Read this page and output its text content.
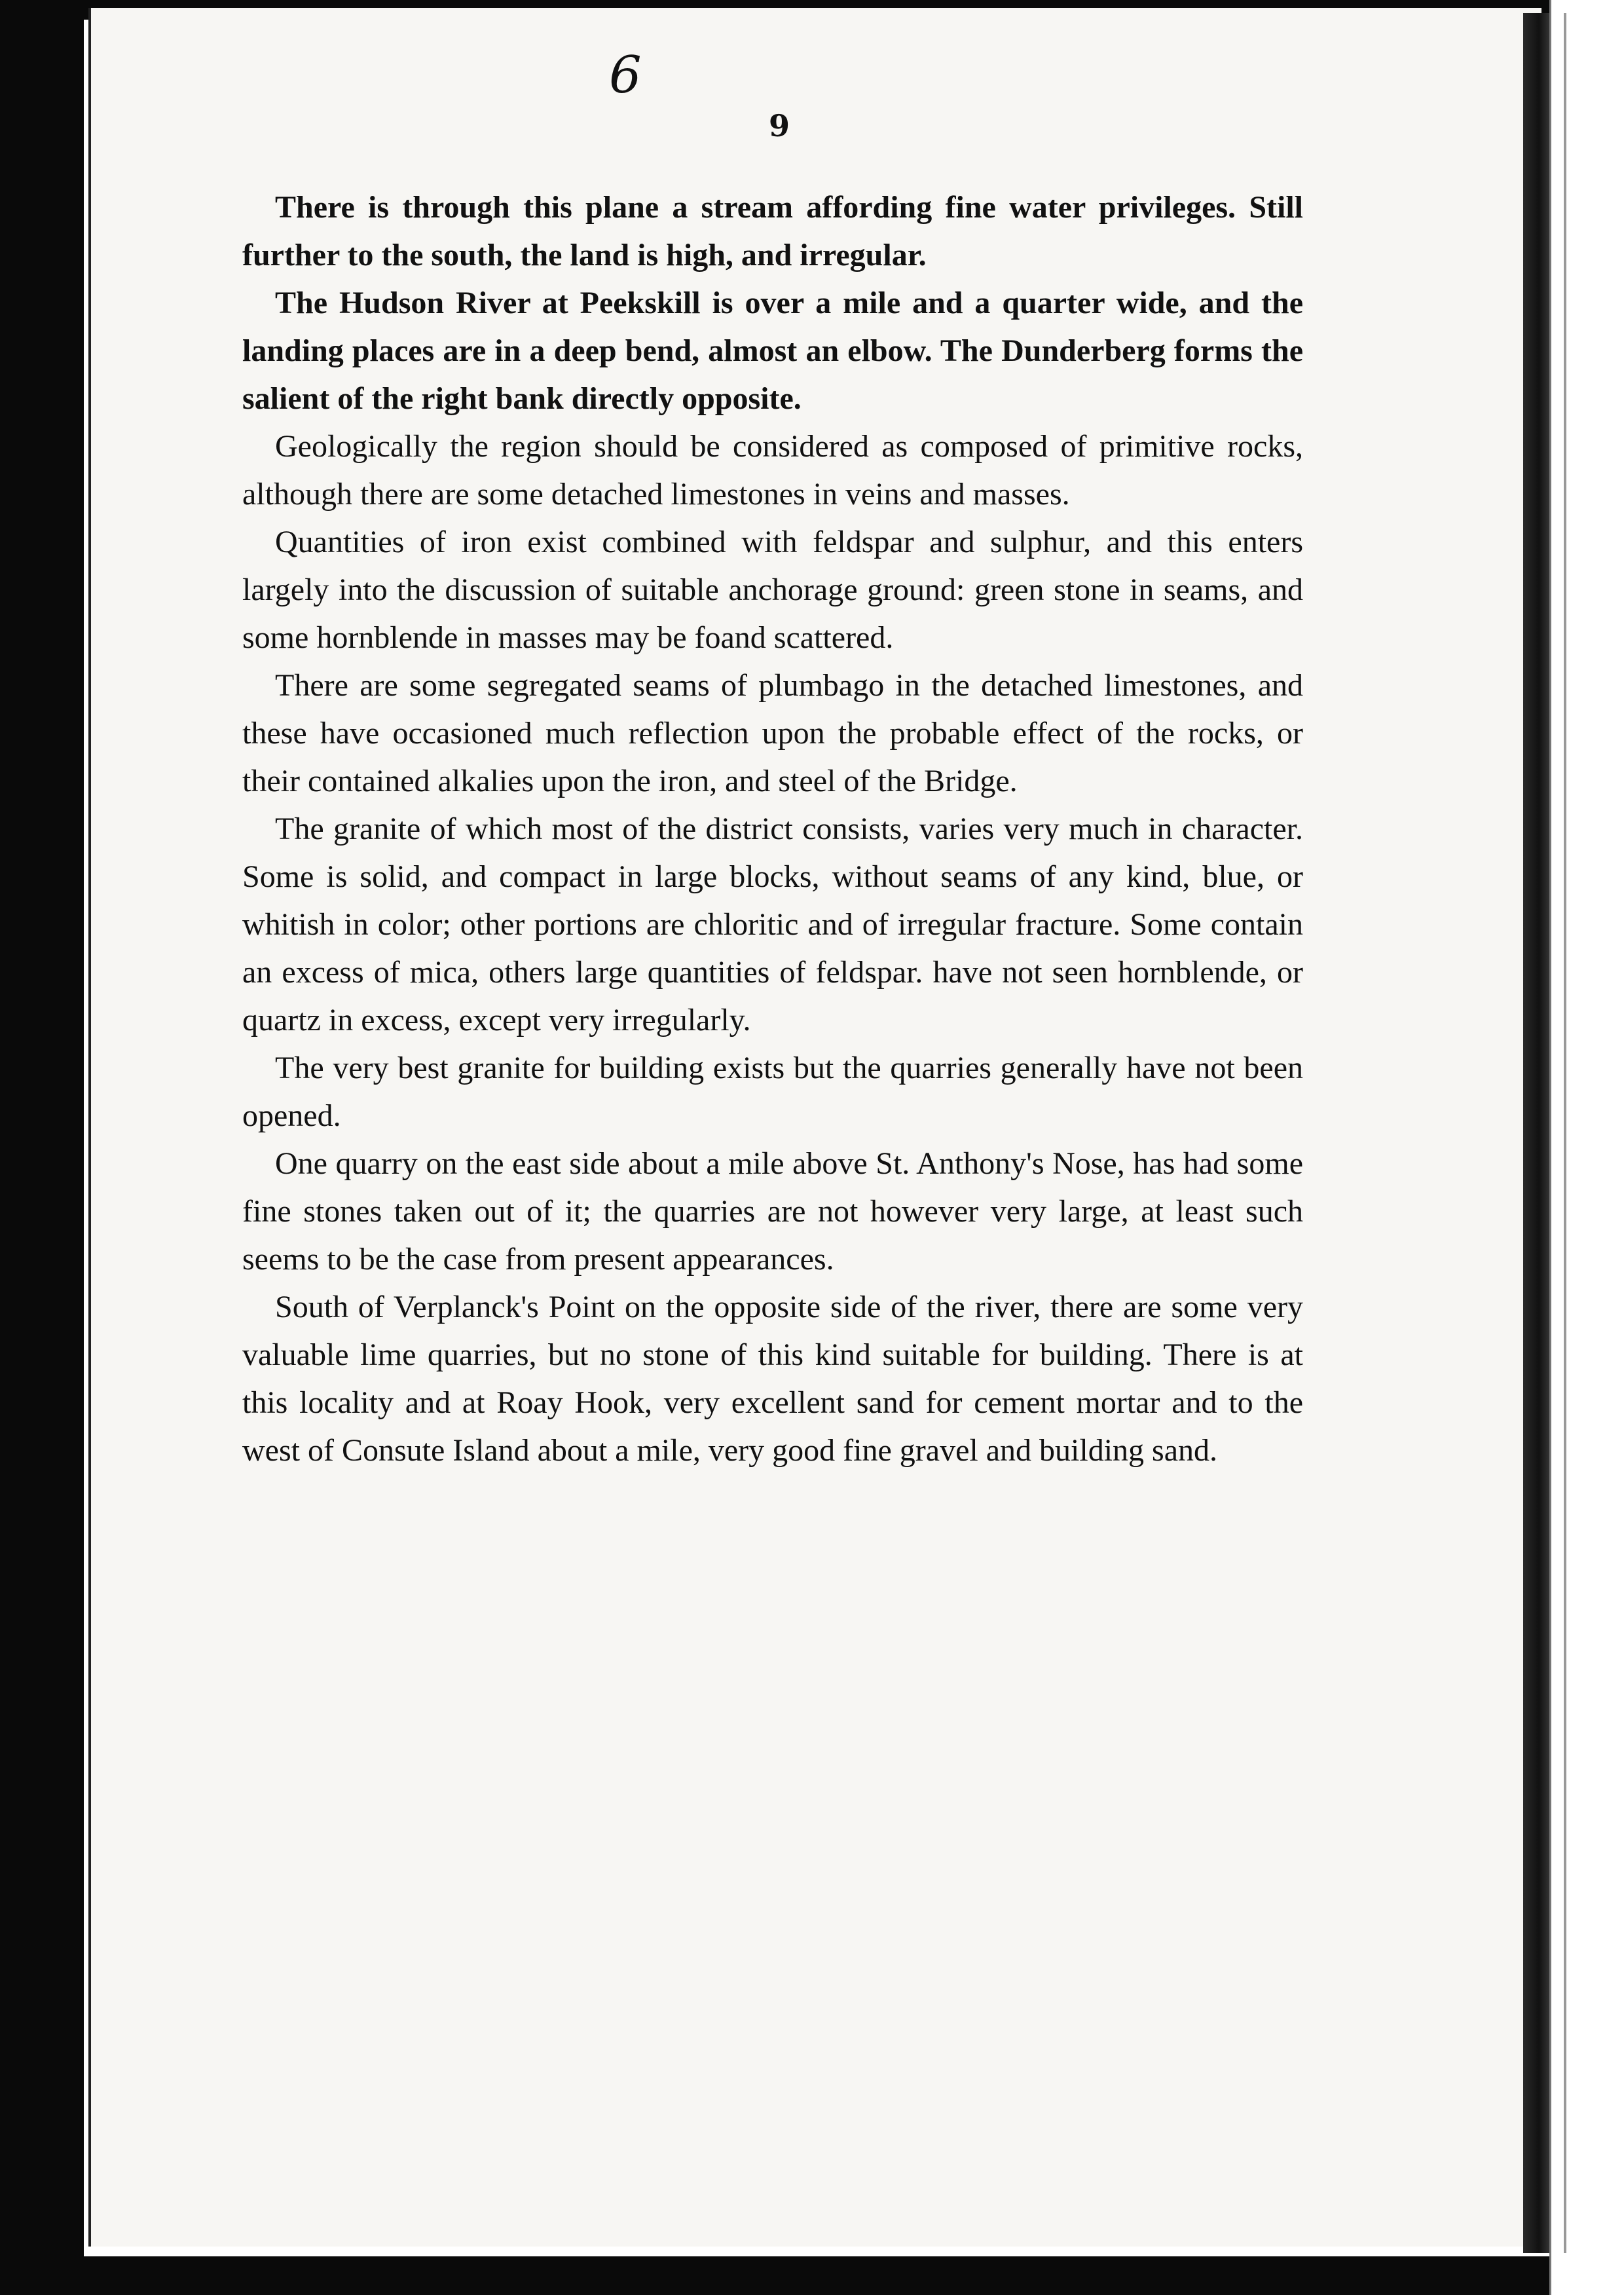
6
9

There is through this plane a stream affording fine water privileges. Still further to the south, the land is high, and irregular.

The Hudson River at Peekskill is over a mile and a quarter wide, and the landing places are in a deep bend, almost an elbow. The Dunderberg forms the salient of the right bank directly opposite.

Geologically the region should be considered as composed of primitive rocks, although there are some detached limestones in veins and masses.

Quantities of iron exist combined with feldspar and sulphur, and this enters largely into the discussion of suitable anchorage ground: green stone in seams, and some hornblende in masses may be foand scattered.

There are some segregated seams of plumbago in the detached limestones, and these have occasioned much reflection upon the probable effect of the rocks, or their contained alkalies upon the iron, and steel of the Bridge.

The granite of which most of the district consists, varies very much in character. Some is solid, and compact in large blocks, without seams of any kind, blue, or whitish in color; other portions are chloritic and of irregular fracture. Some contain an excess of mica, others large quantities of feldspar. have not seen hornblende, or quartz in excess, except very irregularly.

The very best granite for building exists but the quarries generally have not been opened.

One quarry on the east side about a mile above St. Anthony's Nose, has had some fine stones taken out of it; the quarries are not however very large, at least such seems to be the case from present appearances.

South of Verplanck's Point on the opposite side of the river, there are some very valuable lime quarries, but no stone of this kind suitable for building. There is at this locality and at Roay Hook, very excellent sand for cement mortar and to the west of Consute Island about a mile, very good fine gravel and building sand.
